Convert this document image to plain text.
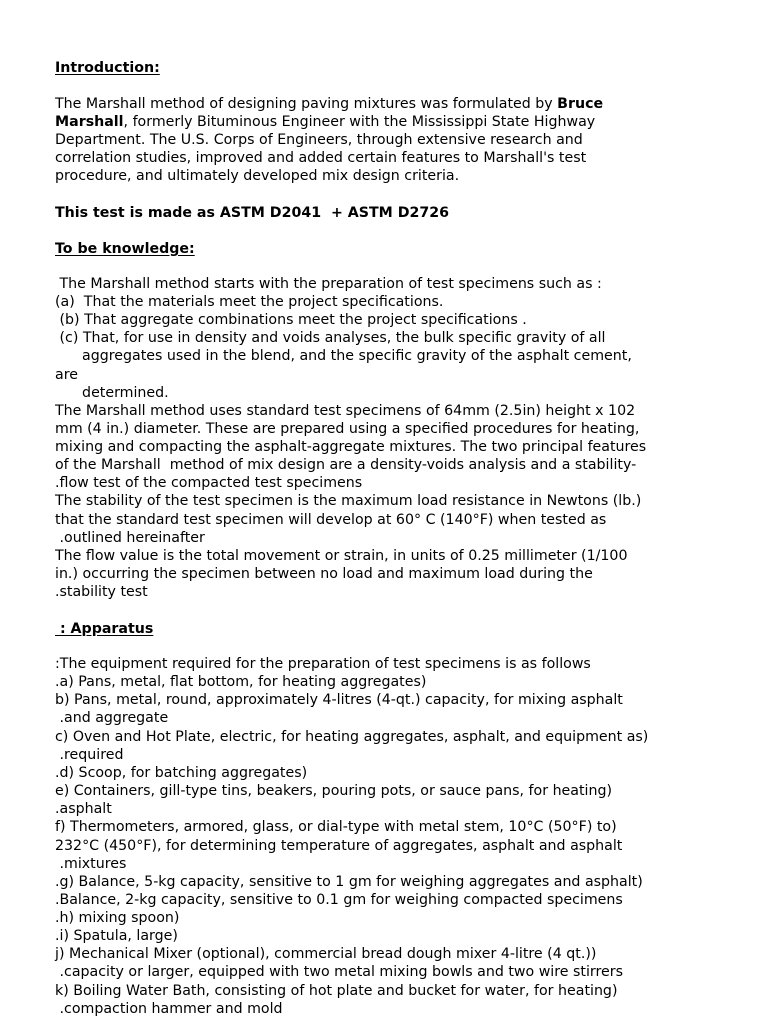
Introduction:
The Marshall method of designing paving mixtures was formulated by Bruce
Marshall, formerly Bituminous Engineer with the Mississippi State Highway
Department. The U.S. Corps of Engineers, through extensive research and
correlation studies, improved and added certain features to Marshall's test
procedure, and ultimately developed mix design criteria.
This test is made as ASTM D2041  + ASTM D2726
To be knowledge:
The Marshall method starts with the preparation of test specimens such as :
(a)  That the materials meet the project specifications.
(b) That aggregate combinations meet the project specifications .
(c) That, for use in density and voids analyses, the bulk specific gravity of all
aggregates used in the blend, and the specific gravity of the asphalt cement,
are
determined.
The Marshall method uses standard test specimens of 64mm (2.5in) height x 102
mm (4 in.) diameter. These are prepared using a specified procedures for heating,
mixing and compacting the asphalt-aggregate mixtures. The two principal features
of the Marshall  method of mix design are a density-voids analysis and a stability-
.flow test of the compacted test specimens
The stability of the test specimen is the maximum load resistance in Newtons (lb.)
that the standard test specimen will develop at 60° C (140°F) when tested as
.outlined hereinafter
The flow value is the total movement or strain, in units of 0.25 millimeter (1/100
in.) occurring the specimen between no load and maximum load during the
.stability test
: Apparatus
:The equipment required for the preparation of test specimens is as follows
.a) Pans, metal, flat bottom, for heating aggregates)
b) Pans, metal, round, approximately 4-litres (4-qt.) capacity, for mixing asphalt
.and aggregate
c) Oven and Hot Plate, electric, for heating aggregates, asphalt, and equipment as)
.required
.d) Scoop, for batching aggregates)
e) Containers, gill-type tins, beakers, pouring pots, or sauce pans, for heating)
.asphalt
f) Thermometers, armored, glass, or dial-type with metal stem, 10°C (50°F) to)
232°C (450°F), for determining temperature of aggregates, asphalt and asphalt
.mixtures
.g) Balance, 5-kg capacity, sensitive to 1 gm for weighing aggregates and asphalt)
.Balance, 2-kg capacity, sensitive to 0.1 gm for weighing compacted specimens
.h) mixing spoon)
.i) Spatula, large)
j) Mechanical Mixer (optional), commercial bread dough mixer 4-litre (4 qt.))
.capacity or larger, equipped with two metal mixing bowls and two wire stirrers
k) Boiling Water Bath, consisting of hot plate and bucket for water, for heating)
.compaction hammer and mold
